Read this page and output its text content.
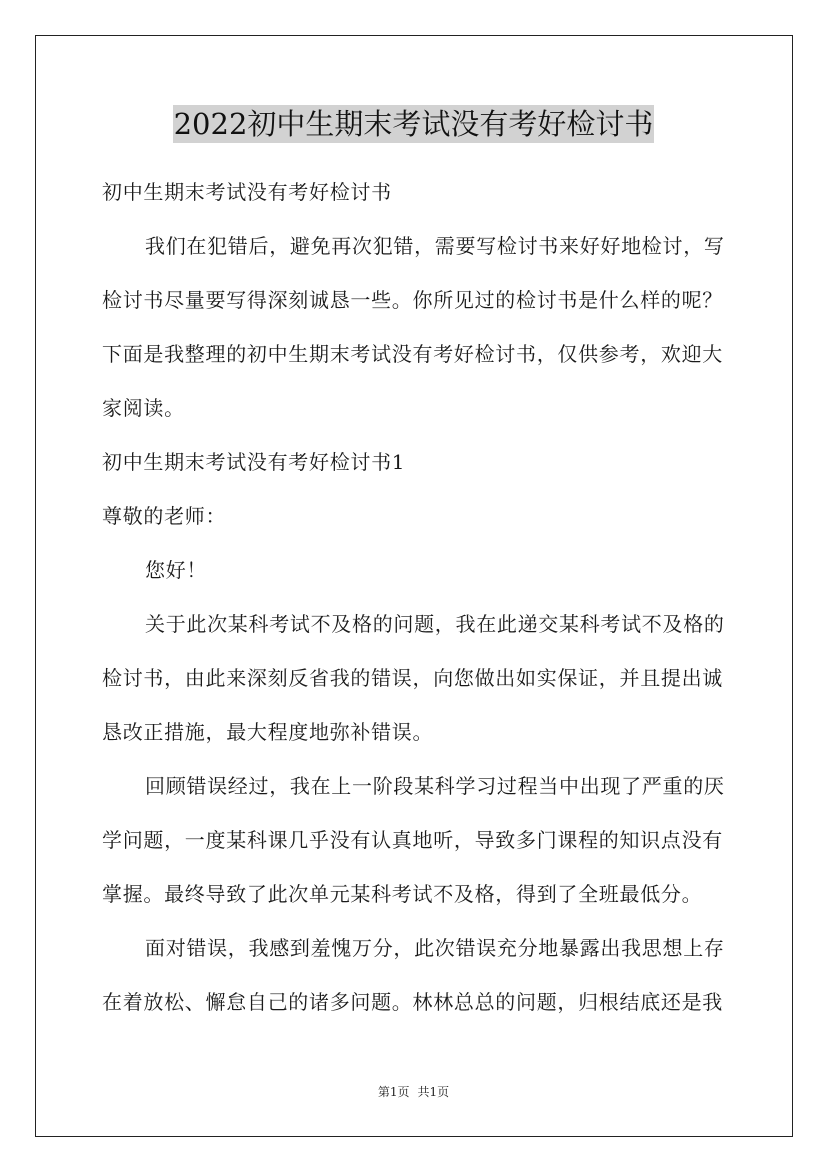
2022初中生期末考试没有考好检讨书
初中生期末考试没有考好检讨书
我们在犯错后，避免再次犯错，需要写检讨书来好好地检讨，写
检讨书尽量要写得深刻诚恳一些。你所见过的检讨书是什么样的呢？
下面是我整理的初中生期末考试没有考好检讨书，仅供参考，欢迎大
家阅读。
初中生期末考试没有考好检讨书1
尊敬的老师：
您好！
关于此次某科考试不及格的问题，我在此递交某科考试不及格的
检讨书，由此来深刻反省我的错误，向您做出如实保证，并且提出诚
恳改正措施，最大程度地弥补错误。
回顾错误经过，我在上一阶段某科学习过程当中出现了严重的厌
学问题，一度某科课几乎没有认真地听，导致多门课程的知识点没有
掌握。最终导致了此次单元某科考试不及格，得到了全班最低分。
面对错误，我感到羞愧万分，此次错误充分地暴露出我思想上存
在着放松、懈怠自己的诸多问题。林林总总的问题，归根结底还是我
第1页 共1页
